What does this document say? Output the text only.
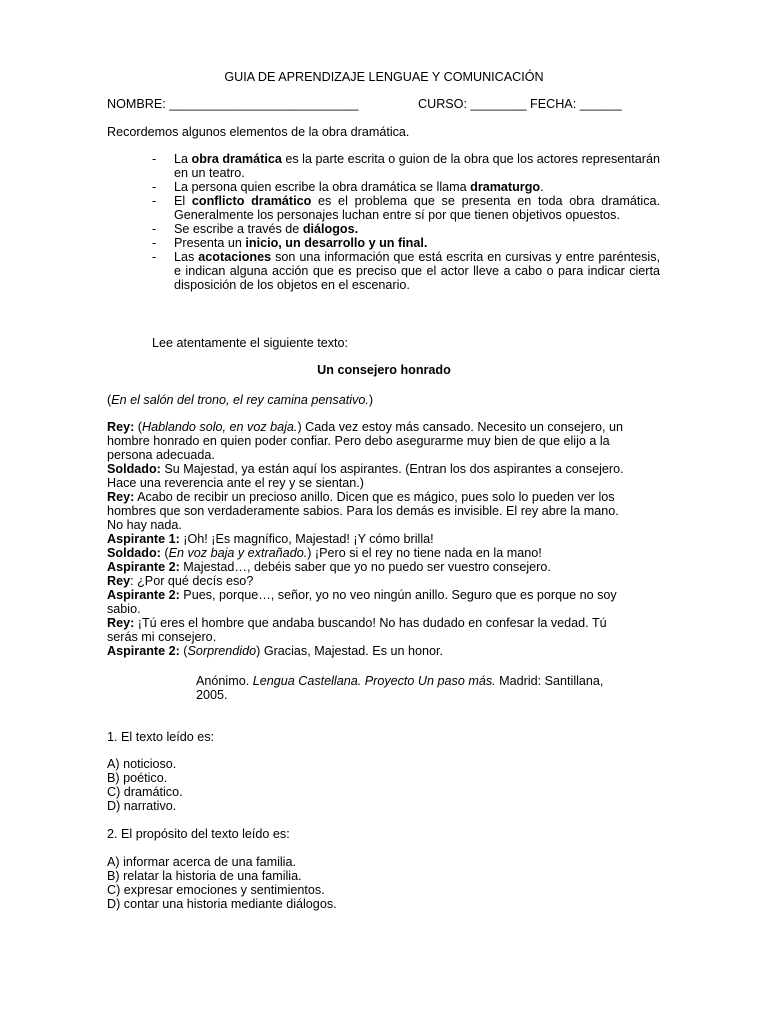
GUIA DE APRENDIZAJE LENGUAE Y COMUNICACIÓN
NOMBRE: ___________________________	CURSO: ________ FECHA: ______
Recordemos algunos elementos de la obra dramática.
- La obra dramática es la parte escrita o guion de la obra que los actores representarán en un teatro.
- La persona quien escribe la obra dramática se llama dramaturgo.
- El conflicto dramático es el problema que se presenta en toda obra dramática. Generalmente los personajes luchan entre sí por que tienen objetivos opuestos.
- Se escribe a través de diálogos.
- Presenta un inicio, un desarrollo y un final.
- Las acotaciones son una información que está escrita en cursivas y entre paréntesis, e indican alguna acción que es preciso que el actor lleve a cabo o para indicar cierta disposición de los objetos en el escenario.
Lee atentamente el siguiente texto:
Un consejero honrado
(En el salón del trono, el rey camina pensativo.)

Rey: (Hablando solo, en voz baja.) Cada vez estoy más cansado. Necesito un consejero, un hombre honrado en quien poder confiar. Pero debo asegurarme muy bien de que elijo a la persona adecuada.

Soldado: Su Majestad, ya están aquí los aspirantes. (Entran los dos aspirantes a consejero. Hace una reverencia ante el rey y se sientan.)

Rey: Acabo de recibir un precioso anillo. Dicen que es mágico, pues solo lo pueden ver los hombres que son verdaderamente sabios. Para los demás es invisible. El rey abre la mano. No hay nada.

Aspirante 1: ¡Oh! ¡Es magnífico, Majestad! ¡Y cómo brilla!

Soldado: (En voz baja y extrañado.) ¡Pero si el rey no tiene nada en la mano!

Aspirante 2: Majestad…, debéis saber que yo no puedo ser vuestro consejero.

Rey: ¿Por qué decís eso?

Aspirante 2: Pues, porque…, señor, yo no veo ningún anillo. Seguro que es porque no soy sabio.

Rey: ¡Tú eres el hombre que andaba buscando! No has dudado en confesar la vedad. Tú serás mi consejero.

Aspirante 2: (Sorprendido) Gracias, Majestad. Es un honor.

Anónimo. Lengua Castellana. Proyecto Un paso más. Madrid: Santillana, 2005.
1. El texto leído es:
A) noticioso.
B) poético.
C) dramático.
D) narrativo.
2. El propósito del texto leído es:
A) informar acerca de una familia.
B) relatar la historia de una familia.
C) expresar emociones y sentimientos.
D) contar una historia mediante diálogos.
